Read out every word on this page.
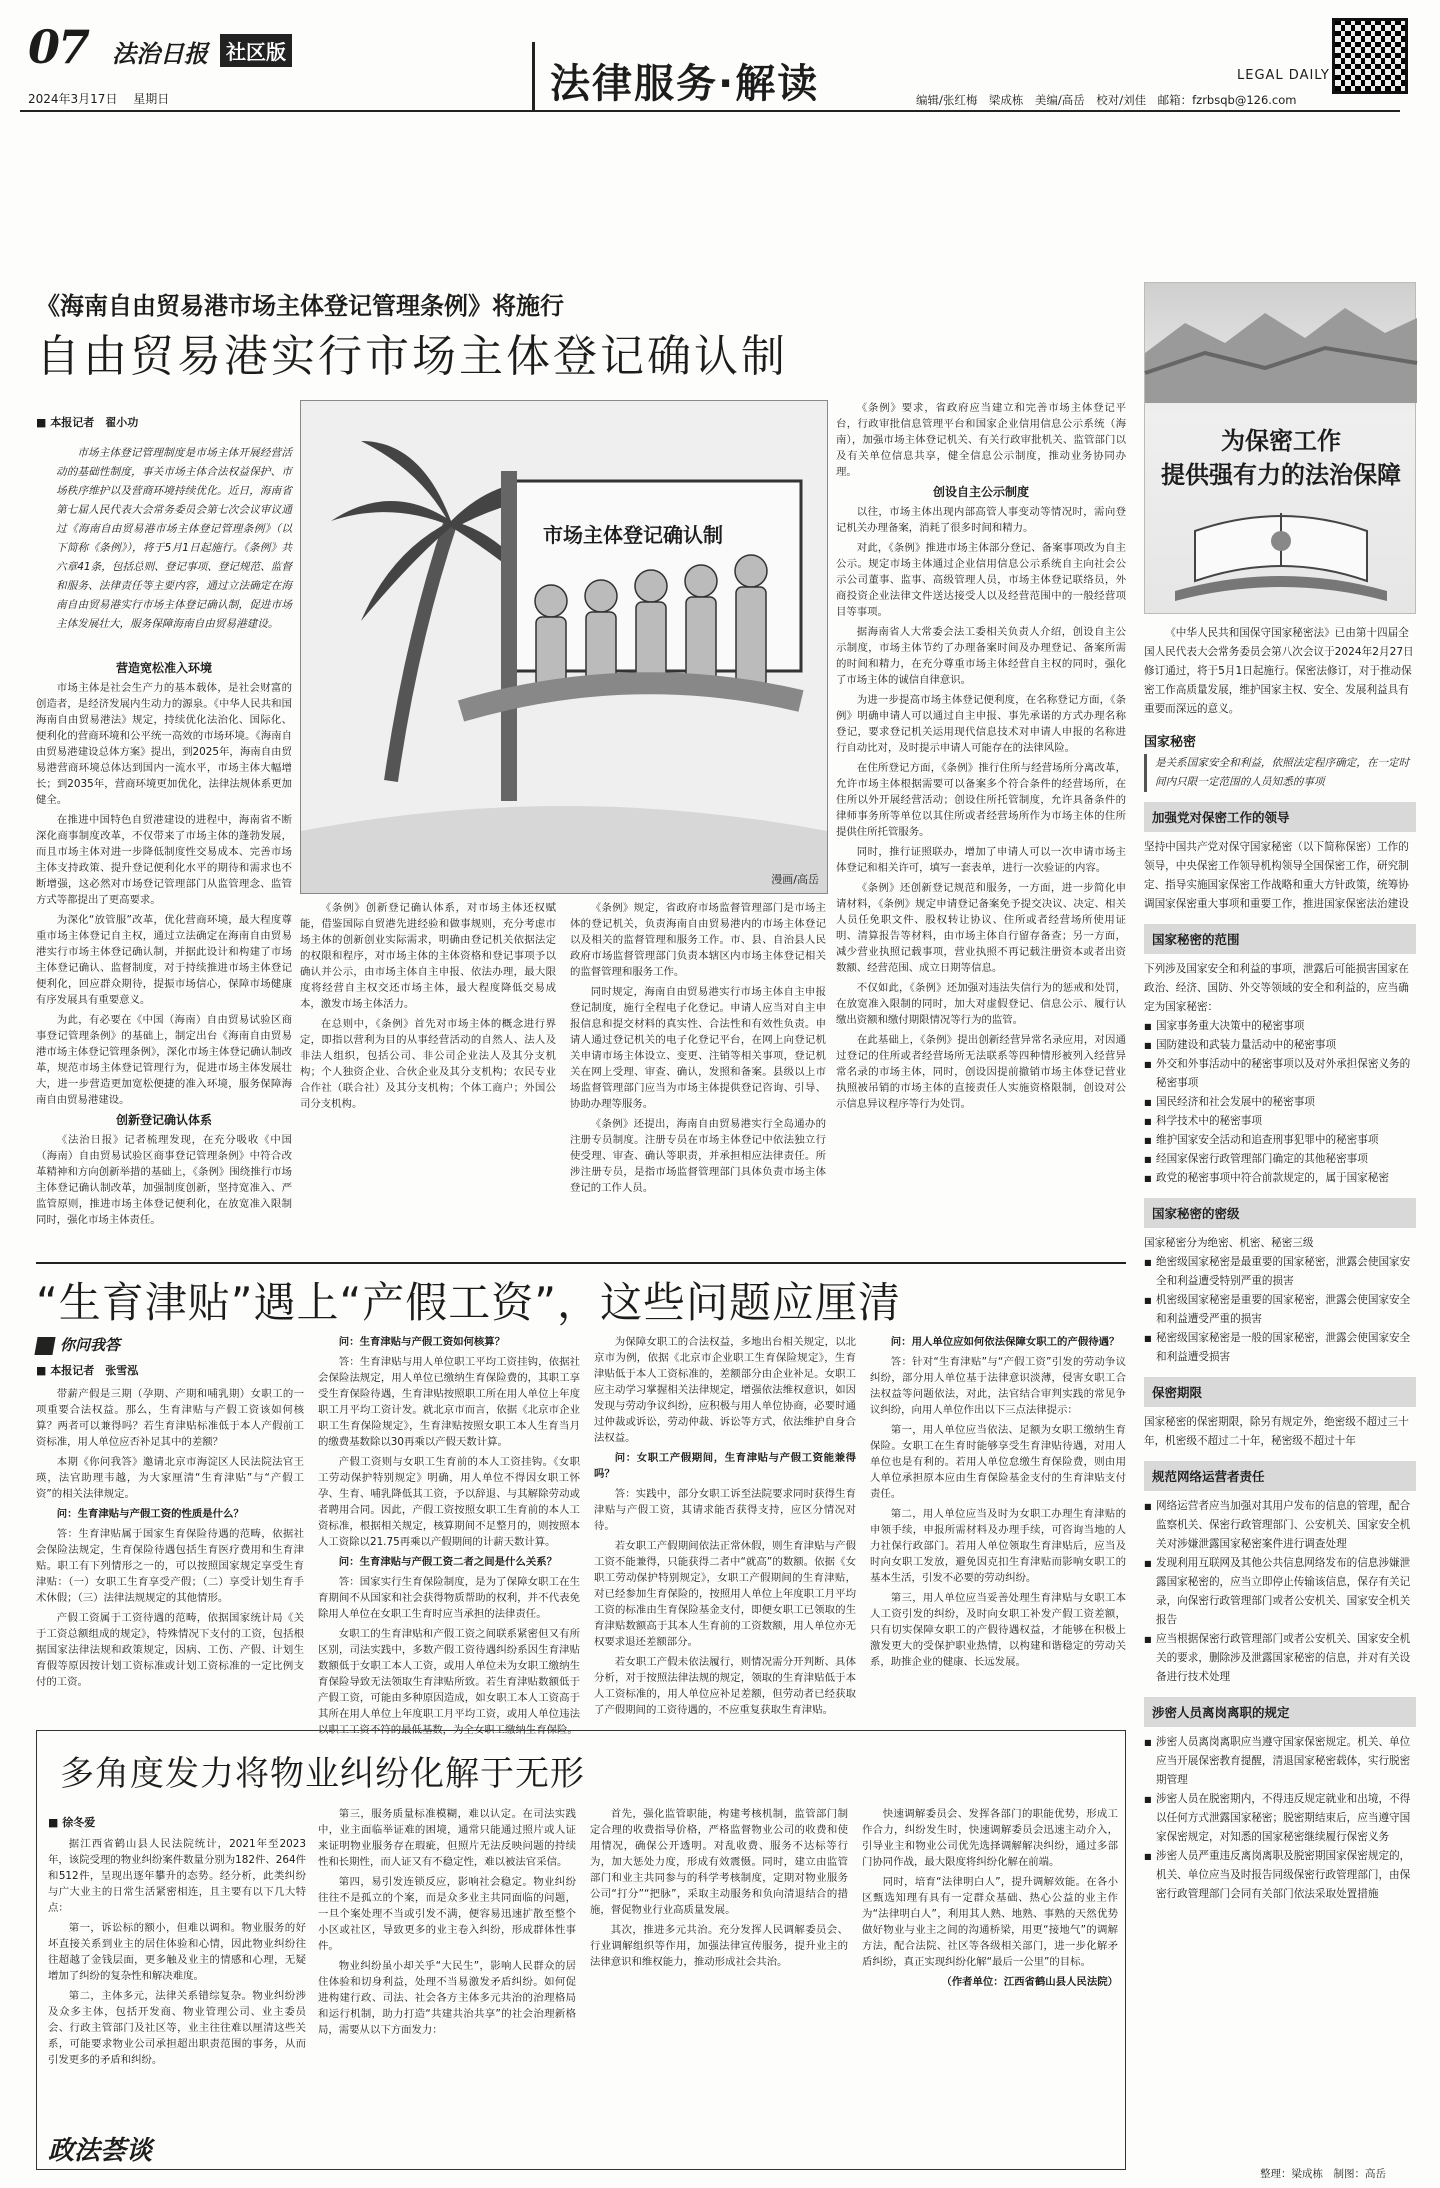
07 法治日报 社区版
2024年3月17日 星期日	法律服务·解读	LEGAL DAILY
编辑/张红梅　梁成栋　美编/高岳　校对/刘佳　邮箱：fzrbsqb@126.com
《海南自由贸易港市场主体登记管理条例》将施行
自由贸易港实行市场主体登记确认制
■ 本报记者　翟小功

市场主体登记管理制度是市场主体开展经营活动的基础性制度，事关市场主体合法权益保护、市场秩序维护以及营商环境持续优化。近日，海南省第七届人民代表大会常务委员会第七次会议审议通过《海南自由贸易港市场主体登记管理条例》（以下简称《条例》），将于5月1日起施行。《条例》共六章41条，包括总则、登记事项、登记规范、监督和服务、法律责任等主要内容，通过立法确定在海南自由贸易港实行市场主体登记确认制，促进市场主体发展壮大，服务保障海南自由贸易港建设。

市场主体登记确认制
漫画/高岳

营造宽松准入环境

市场主体是社会生产力的基本载体，是社会财富的创造者，是经济发展内生动力的源泉。《中华人民共和国海南自由贸易港法》规定，持续优化法治化、国际化、便利化的营商环境和公平统一高效的市场环境。《海南自由贸易港建设总体方案》提出，到2025年，海南自由贸易港营商环境总体达到国内一流水平，市场主体大幅增长；到2035年，营商环境更加优化，法律法规体系更加健全。

在推进中国特色自贸港建设的进程中，海南省不断深化商事制度改革，不仅带来了市场主体的蓬勃发展，而且市场主体对进一步降低制度性交易成本、完善市场主体支持政策、提升登记便利化水平的期待和需求也不断增强，这必然对市场登记管理部门从监管理念、监管方式等都提出了更高要求。

为深化“放管服”改革，优化营商环境，最大程度尊重市场主体登记自主权，通过立法确定在海南自由贸易港实行市场主体登记确认制，并据此设计和构建了市场主体登记确认、监督制度，对于持续推进市场主体登记便利化，回应群众期待，提振市场信心，保障市场健康有序发展具有重要意义。

为此，有必要在《中国（海南）自由贸易试验区商事登记管理条例》的基础上，制定出台《海南自由贸易港市场主体登记管理条例》，深化市场主体登记确认制改革，规范市场主体登记管理行为，促进市场主体发展壮大，进一步营造更加宽松便捷的准入环境，服务保障海南自由贸易港建设。

创新登记确认体系

《法治日报》记者梳理发现，在充分吸收《中国（海南）自由贸易试验区商事登记管理条例》中符合改革精神和方向创新举措的基础上，《条例》围绕推行市场主体登记确认制改革，加强制度创新，坚持宽准入、严监管原则，推进市场主体登记便利化，在放宽准入限制同时，强化市场主体责任。

《条例》创新登记确认体系，对市场主体还权赋能，借鉴国际自贸港先进经验和做事规则，充分考虑市场主体的创新创业实际需求，明确由登记机关依据法定的权限和程序，对市场主体的主体资格和登记事项予以确认并公示，由市场主体自主申报、依法办理，最大限度将经营自主权交还市场主体，最大程度降低交易成本，激发市场主体活力。

在总则中，《条例》首先对市场主体的概念进行界定，即指以营利为目的从事经营活动的自然人、法人及非法人组织，包括公司、非公司企业法人及其分支机构；个人独资企业、合伙企业及其分支机构；农民专业合作社（联合社）及其分支机构；个体工商户；外国公司分支机构。

《条例》规定，省政府市场监督管理部门是市场主体的登记机关，负责海南自由贸易港内的市场主体登记以及相关的监督管理和服务工作。市、县、自治县人民政府市场监督管理部门负责本辖区内市场主体登记相关的监督管理和服务工作。

同时规定，海南自由贸易港实行市场主体自主申报登记制度，施行全程电子化登记。申请人应当对自主申报信息和提交材料的真实性、合法性和有效性负责。申请人通过登记机关的电子化登记平台，在网上向登记机关申请市场主体设立、变更、注销等相关事项，登记机关在网上受理、审查、确认，发照和备案。县级以上市场监督管理部门应当为市场主体提供登记咨询、引导、协助办理等服务。

《条例》还提出，海南自由贸易港实行全岛通办的注册专员制度。注册专员在市场主体登记中依法独立行使受理、审查、确认等职责，并承担相应法律责任。所涉注册专员，是指市场监督管理部门具体负责市场主体登记的工作人员。

《条例》要求，省政府应当建立和完善市场主体登记平台，行政审批信息管理平台和国家企业信用信息公示系统（海南），加强市场主体登记机关、有关行政审批机关、监管部门以及有关单位信息共享，健全信息公示制度，推动业务协同办理。

创设自主公示制度

以往，市场主体出现内部高管人事变动等情况时，需向登记机关办理备案，消耗了很多时间和精力。

对此，《条例》推进市场主体部分登记、备案事项改为自主公示。规定市场主体通过企业信用信息公示系统自主向社会公示公司董事、监事、高级管理人员，市场主体登记联络员，外商投资企业法律文件送达接受人以及经营范围中的一般经营项目等事项。

据海南省人大常委会法工委相关负责人介绍，创设自主公示制度，市场主体节约了办理备案时间及办理登记、备案所需的时间和精力，在充分尊重市场主体经营自主权的同时，强化了市场主体的诚信自律意识。

为进一步提高市场主体登记便利度，在名称登记方面，《条例》明确申请人可以通过自主申报、事先承诺的方式办理名称登记，要求登记机关运用现代信息技术对申请人申报的名称进行自动比对，及时提示申请人可能存在的法律风险。

在住所登记方面，《条例》推行住所与经营场所分离改革，允许市场主体根据需要可以备案多个符合条件的经营场所，在住所以外开展经营活动；创设住所托管制度，允许具备条件的律师事务所等单位以其住所或者经营场所作为市场主体的住所提供住所托管服务。

同时，推行证照联办，增加了申请人可以一次申请市场主体登记和相关许可，填写一套表单，进行一次验证的内容。

《条例》还创新登记规范和服务，一方面，进一步简化申请材料，《条例》规定申请登记备案免予提交决议、决定、相关人员任免职文件、股权转让协议、住所或者经营场所使用证明、清算报告等材料，由市场主体自行留存备查；另一方面，减少营业执照记载事项，营业执照不再记载注册资本或者出资数额、经营范围、成立日期等信息。

不仅如此，《条例》还加强对违法失信行为的惩戒和处罚，在放宽准入限制的同时，加大对虚假登记、信息公示、履行认缴出资额和缴付期限情况等行为的监管。

在此基础上，《条例》提出创新经营异常名录应用，对因通过登记的住所或者经营场所无法联系等四种情形被列入经营异常名录的市场主体，同时，创设因提前撤销市场主体登记营业执照被吊销的市场主体的直接责任人实施资格限制，创设对公示信息异议程序等行为处罚。

“生育津贴”遇上“产假工资”，这些问题应厘清
你问我答
■ 本报记者　张雪泓

带薪产假是三期（孕期、产期和哺乳期）女职工的一项重要合法权益。那么，生育津贴与产假工资该如何核算？两者可以兼得吗？若生育津贴标准低于本人产假前工资标准，用人单位应否补足其中的差额？

本期《你问我答》邀请北京市海淀区人民法院法官王瑛，法官助理韦越，为大家厘清“生育津贴”与“产假工资”的相关法律规定。

问：生育津贴与产假工资的性质是什么？

答：生育津贴属于国家生育保险待遇的范畴，依据社会保险法规定，生育保险待遇包括生育医疗费用和生育津贴。职工有下列情形之一的，可以按照国家规定享受生育津贴：（一）女职工生育享受产假；（二）享受计划生育手术休假；（三）法律法规规定的其他情形。

产假工资属于工资待遇的范畴，依据国家统计局《关于工资总额组成的规定》，特殊情况下支付的工资，包括根据国家法律法规和政策规定，因病、工伤、产假、计划生育假等原因按计划工资标准或计划工资标准的一定比例支付的工资。

问：生育津贴与产假工资如何核算？

答：生育津贴与用人单位职工平均工资挂钩，依据社会保险法规定，用人单位已缴纳生育保险费的，其职工享受生育保险待遇，生育津贴按照职工所在用人单位上年度职工月平均工资计发。就北京市而言，依据《北京市企业职工生育保险规定》，生育津贴按照女职工本人生育当月的缴费基数除以30再乘以产假天数计算。

产假工资则与女职工生育前的本人工资挂钩。《女职工劳动保护特别规定》明确，用人单位不得因女职工怀孕、生育、哺乳降低其工资，予以辞退、与其解除劳动或者聘用合同。因此，产假工资按照女职工生育前的本人工资标准，根据相关规定，核算期间不足整月的，则按照本人工资除以21.75再乘以产假期间的计薪天数计算。

问：生育津贴与产假工资二者之间是什么关系？

答：国家实行生育保险制度，是为了保障女职工在生育期间不从国家和社会获得物质帮助的权利，并不代表免除用人单位在女职工生育时应当承担的法律责任。

女职工的生育津贴和产假工资之间联系紧密但又有所区别，司法实践中，多数产假工资待遇纠纷系因生育津贴数额低于女职工本人工资，或用人单位未为女职工缴纳生育保险导致无法领取生育津贴所致。若生育津贴数额低于产假工资，可能由多种原因造成，如女职工本人工资高于其所在用人单位上年度职工月平均工资，或用人单位违法以职工工资不符的最低基数，为全女职工缴纳生育保险。

为保障女职工的合法权益，多地出台相关规定，以北京市为例，依据《北京市企业职工生育保险规定》，生育津贴低于本人工资标准的，差额部分由企业补足。女职工应主动学习掌握相关法律规定，增强依法维权意识，如因发现与劳动争议纠纷，应积极与用人单位协商，必要时通过仲裁或诉讼，劳动仲裁、诉讼等方式，依法维护自身合法权益。

问：女职工产假期间，生育津贴与产假工资能兼得吗？

答：实践中，部分女职工诉至法院要求同时获得生育津贴与产假工资，其请求能否获得支持，应区分情况对待。

若女职工产假期间依法正常休假，则生育津贴与产假工资不能兼得，只能获得二者中“就高”的数额。依据《女职工劳动保护特别规定》，女职工产假期间的生育津贴，对已经参加生育保险的，按照用人单位上年度职工月平均工资的标准由生育保险基金支付，即便女职工已领取的生育津贴数额高于其本人生育前的工资数额，用人单位亦无权要求退还差额部分。

若女职工产假未依法履行，则情况需分开判断、具体分析，对于按照法律法规的规定，领取的生育津贴低于本人工资标准的，用人单位应补足差额，但劳动者已经获取了产假期间的工资待遇的，不应重复获取生育津贴。

问：用人单位应如何依法保障女职工的产假待遇？

答：针对“生育津贴”与“产假工资”引发的劳动争议纠纷，部分用人单位基于法律意识淡薄，侵害女职工合法权益等问题依法，对此，法官结合审判实践的常见争议纠纷，向用人单位作出以下三点法律提示：

第一，用人单位应当依法、足额为女职工缴纳生育保险。女职工在生育时能够享受生育津贴待遇，对用人单位也是有利的。若用人单位怠缴生育保险费，则由用人单位承担原本应由生育保险基金支付的生育津贴支付责任。

第二，用人单位应当及时为女职工办理生育津贴的申领手续，申报所需材料及办理手续，可咨询当地的人力社保行政部门。若用人单位领取生育津贴后，应当及时向女职工发放，避免因克扣生育津贴而影响女职工的基本生活，引发不必要的劳动纠纷。

第三，用人单位应当妥善处理生育津贴与女职工本人工资引发的纠纷，及时向女职工补发产假工资差额，只有切实保障女职工的产假待遇权益，才能够在积极上激发更大的受保护职业热情，以构建和谐稳定的劳动关系，助推企业的健康、长远发展。

多角度发力将物业纠纷化解于无形
■ 徐冬爱

据江西省鹤山县人民法院统计，2021年至2023年，该院受理的物业纠纷案件数量分别为182件、264件和512件，呈现出逐年攀升的态势。经分析，此类纠纷与广大业主的日常生活紧密相连，且主要有以下几大特点：

第一，诉讼标的额小，但难以调和。物业服务的好坏直接关系到业主的居住体验和心情，因此物业纠纷往往超越了金钱层面，更多触及业主的情感和心理，无疑增加了纠纷的复杂性和解决难度。

第二，主体多元，法律关系错综复杂。物业纠纷涉及众多主体，包括开发商、物业管理公司、业主委员会、行政主管部门及社区等，业主往往难以厘清这些关系，可能要求物业公司承担超出职责范围的事务，从而引发更多的矛盾和纠纷。

第三，服务质量标准模糊，难以认定。在司法实践中，业主面临举证难的困境，通常只能通过照片或人证来证明物业服务存在瑕疵，但照片无法反映问题的持续性和长期性，而人证又有不稳定性，难以被法官采信。

第四，易引发连锁反应，影响社会稳定。物业纠纷往往不是孤立的个案，而是众多业主共同面临的问题，一旦个案处理不当或引发不满，便容易迅速扩散至整个小区或社区，导致更多的业主卷入纠纷，形成群体性事件。

物业纠纷虽小却关乎“大民生”，影响人民群众的居住体验和切身利益，处理不当易激发矛盾纠纷。如何促进构建行政、司法、社会各方主体多元共治的治理格局和运行机制，助力打造“共建共治共享”的社会治理新格局，需要从以下方面发力：

首先，强化监管职能，构建考核机制，监管部门制定合理的收费指导价格，严格监督物业公司的收费和使用情况，确保公开透明。对乱收费、服务不达标等行为，加大惩处力度，形成有效震慑。同时，建立由监管部门和业主共同参与的科学考核制度，定期对物业服务公司“打分”“把脉”，采取主动服务和负向清退结合的措施，督促物业行业高质量发展。

其次，推进多元共治。充分发挥人民调解委员会、行业调解组织等作用，加强法律宣传服务，提升业主的法律意识和维权能力，推动形成社会共治。

快速调解委员会、发挥各部门的职能优势，形成工作合力，纠纷发生时，快速调解委员会迅速主动介入，引导业主和物业公司优先选择调解解决纠纷，通过多部门协同作战，最大限度将纠纷化解在前端。

同时，培育“法律明白人”，提升调解效能。在各小区甄选知理有具有一定群众基础、热心公益的业主作为“法律明白人”，利用其人熟、地熟、事熟的天然优势做好物业与业主之间的沟通桥梁，用更“接地气”的调解方法，配合法院、社区等各级相关部门，进一步化解矛盾纠纷，真正实现纠纷化解“最后一公里”的目标。

（作者单位：江西省鹤山县人民法院）

政法荟谈
为保密工作
提供强有力的法治保障

《中华人民共和国保守国家秘密法》已由第十四届全国人民代表大会常务委员会第八次会议于2024年2月27日修订通过，将于5月1日起施行。保密法修订，对于推动保密工作高质量发展，维护国家主权、安全、发展利益具有重要而深远的意义。

国家秘密
是关系国家安全和利益，依照法定程序确定，在一定时间内只限一定范围的人员知悉的事项
加强党对保密工作的领导

坚持中国共产党对保守国家秘密（以下简称保密）工作的领导，中央保密工作领导机构领导全国保密工作，研究制定、指导实施国家保密工作战略和重大方针政策，统筹协调国家保密重大事项和重要工作，推进国家保密法治建设

国家秘密的范围

下列涉及国家安全和利益的事项，泄露后可能损害国家在政治、经济、国防、外交等领域的安全和利益的，应当确定为国家秘密：

■ 国家事务重大决策中的秘密事项
■ 国防建设和武装力量活动中的秘密事项
■ 外交和外事活动中的秘密事项以及对外承担保密义务的秘密事项
■ 国民经济和社会发展中的秘密事项
■ 科学技术中的秘密事项
■ 维护国家安全活动和追查刑事犯罪中的秘密事项
■ 经国家保密行政管理部门确定的其他秘密事项
■ 政党的秘密事项中符合前款规定的，属于国家秘密
国家秘密的密级

国家秘密分为绝密、机密、秘密三级

■ 绝密级国家秘密是最重要的国家秘密，泄露会使国家安全和利益遭受特别严重的损害
■ 机密级国家秘密是重要的国家秘密，泄露会使国家安全和利益遭受严重的损害
■ 秘密级国家秘密是一般的国家秘密，泄露会使国家安全和利益遭受损害
保密期限

国家秘密的保密期限，除另有规定外，绝密级不超过三十年，机密级不超过二十年，秘密级不超过十年

规范网络运营者责任
■ 网络运营者应当加强对其用户发布的信息的管理，配合监察机关、保密行政管理部门、公安机关、国家安全机关对涉嫌泄露国家秘密案件进行调查处理
■ 发现利用互联网及其他公共信息网络发布的信息涉嫌泄露国家秘密的，应当立即停止传输该信息，保存有关记录，向保密行政管理部门或者公安机关、国家安全机关报告
■ 应当根据保密行政管理部门或者公安机关、国家安全机关的要求，删除涉及泄露国家秘密的信息，并对有关设备进行技术处理
涉密人员离岗离职的规定
■ 涉密人员离岗离职应当遵守国家保密规定。机关、单位应当开展保密教育提醒，清退国家秘密载体，实行脱密期管理
■ 涉密人员在脱密期内，不得违反规定就业和出境，不得以任何方式泄露国家秘密；脱密期结束后，应当遵守国家保密规定，对知悉的国家秘密继续履行保密义务
■ 涉密人员严重违反离岗离职及脱密期国家保密规定的，机关、单位应当及时报告同级保密行政管理部门，由保密行政管理部门会同有关部门依法采取处置措施
整理：梁成栋　制图：高岳
